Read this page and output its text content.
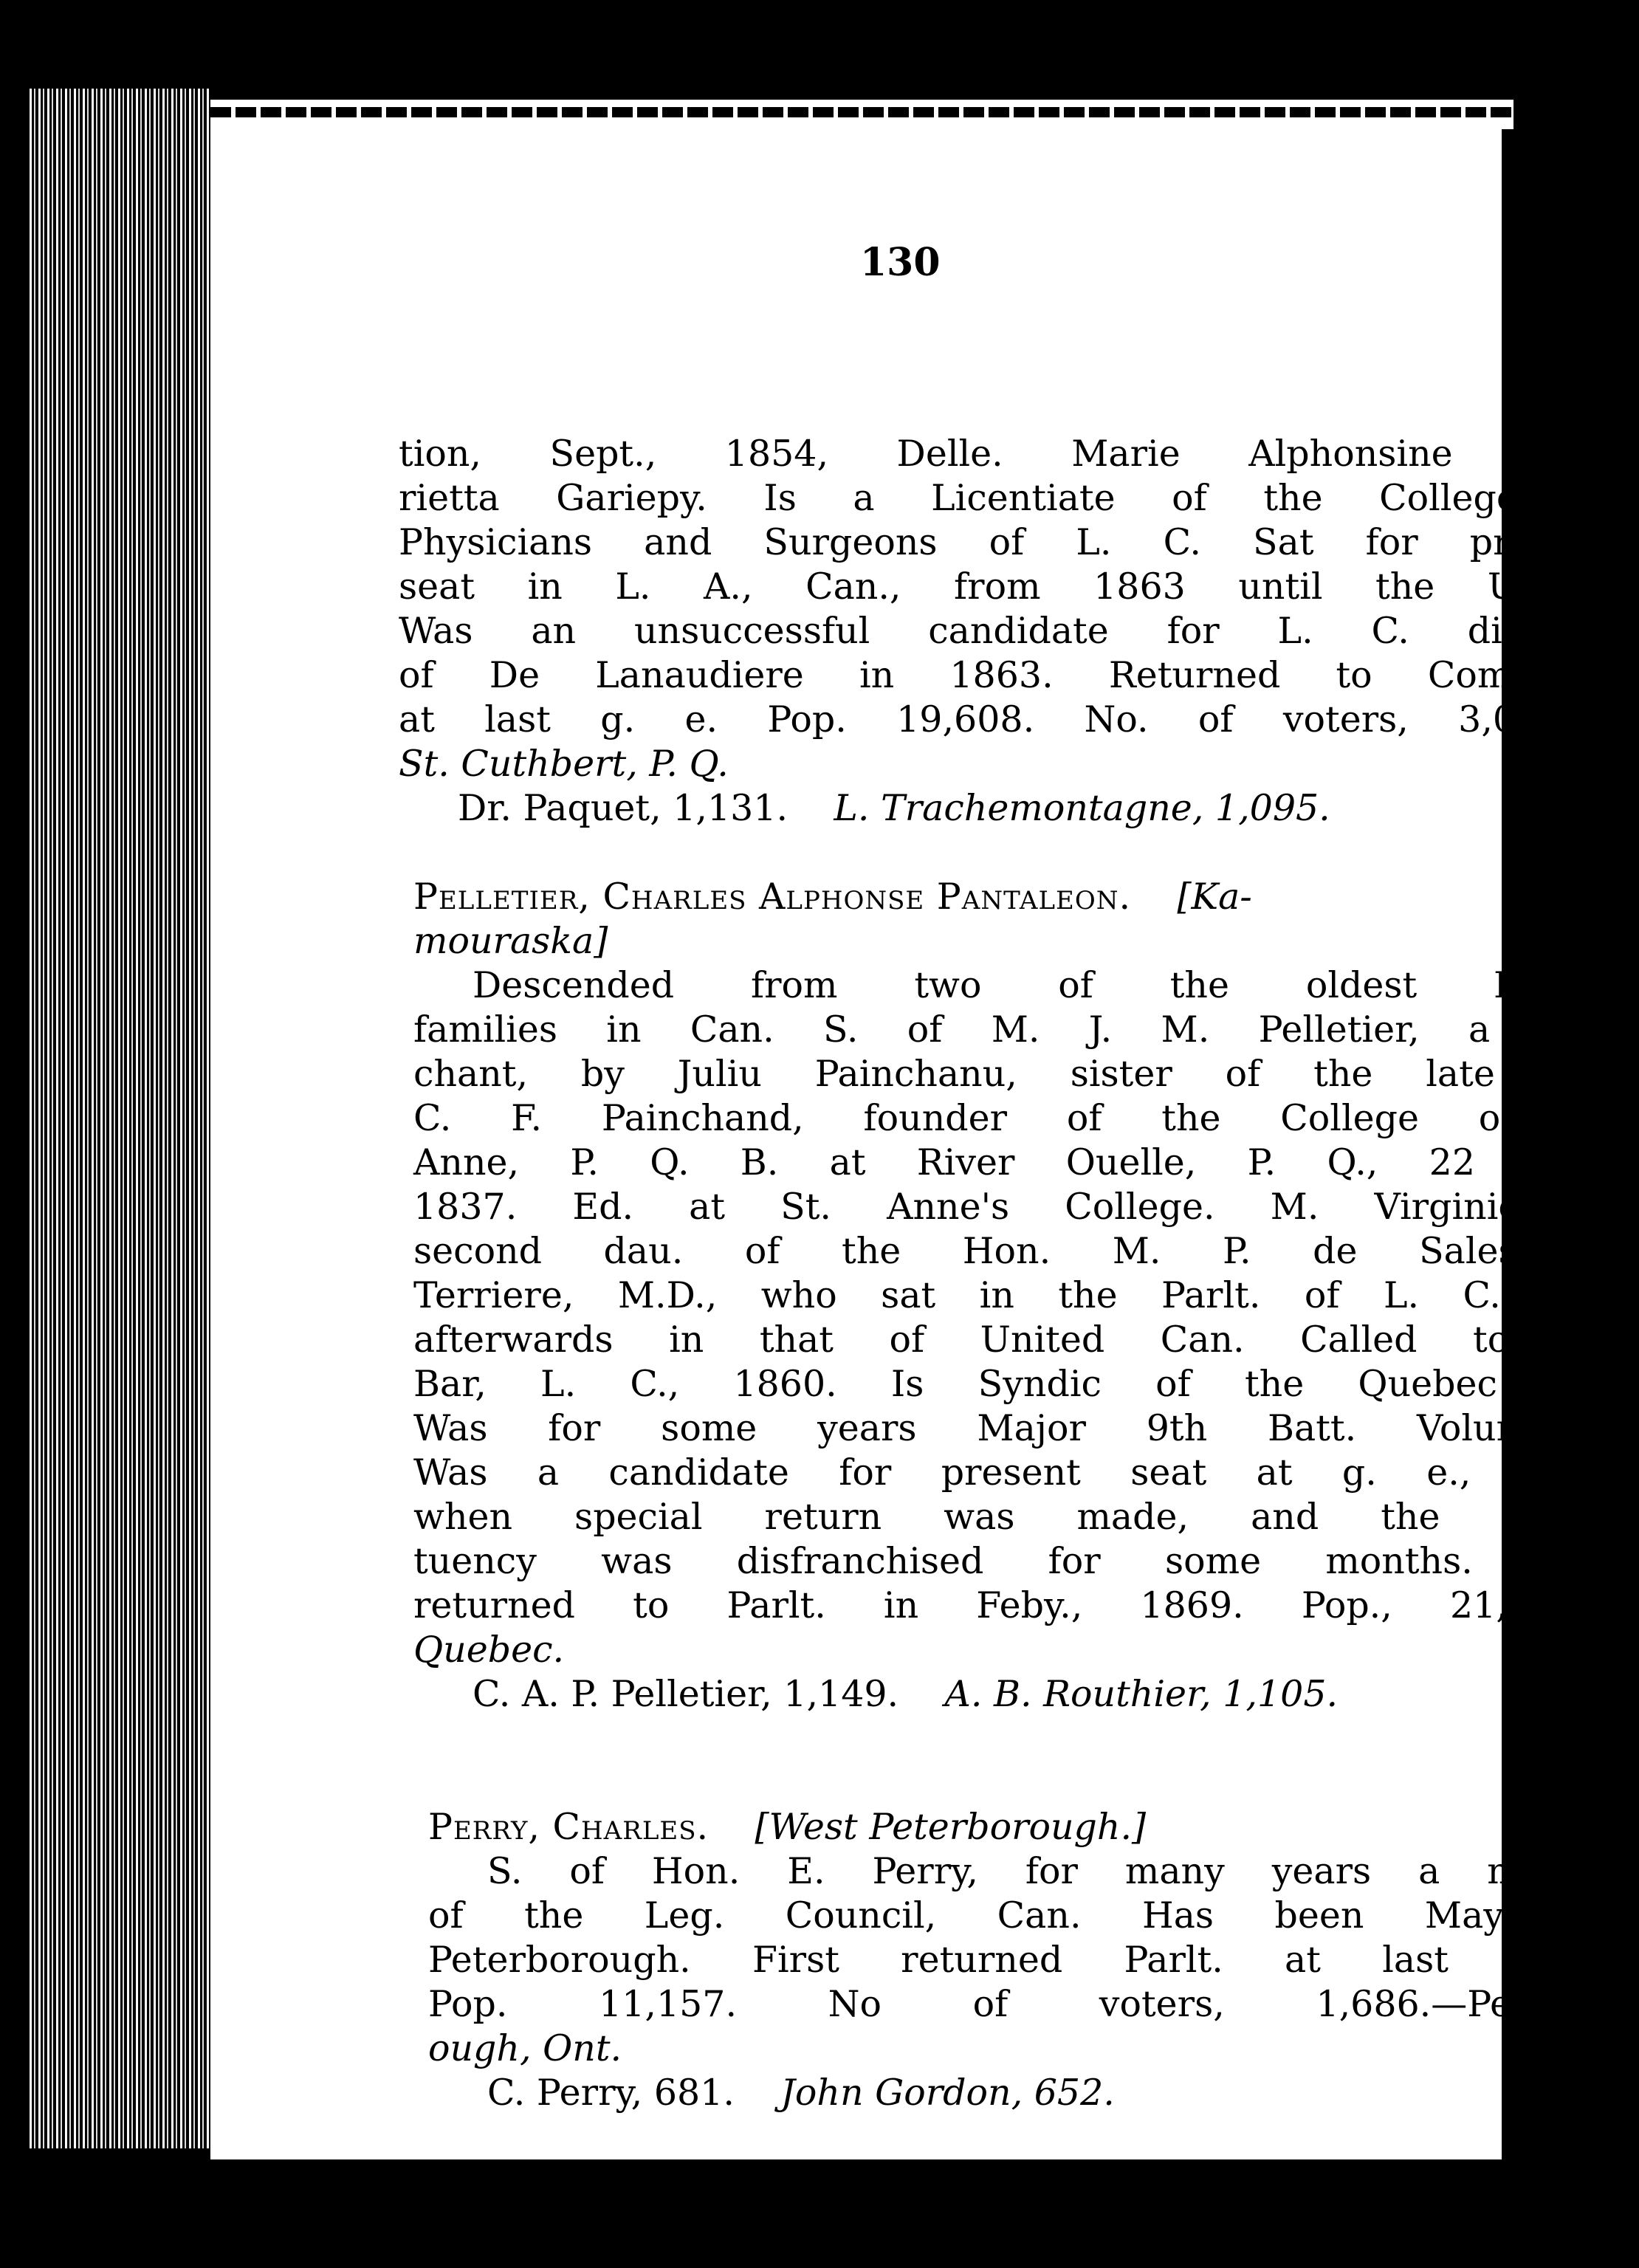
130
tion, Sept., 1854, Delle. Marie Alphonsine Hen-
rietta Gariepy. Is a Licentiate of the College of
Physicians and Surgeons of L. C. Sat for present
seat in L. A., Can., from 1863 until the Union.
Was an unsuccessful candidate for L. C. division
of De Lanaudiere in 1863. Returned to Commons
at last g. e. Pop. 19,608. No. of voters, 3,040.—
St. Cuthbert, P. Q.
Dr. Paquet, 1,131. L. Trachemontagne, 1,095.
Pelletier, Charles Alphonse Pantaleon. [Ka-
mouraska]	L.
Descended from two of the oldest French
families in Can. S. of M. J. M. Pelletier, a mer-
chant, by Juliu Painchanu, sister of the late Rev.
C. F. Painchand, founder of the College of St.
Anne, P. Q. B. at River Ouelle, P. Q., 22 Jany.,
1837. Ed. at St. Anne's College. M. Virginie A.,
second dau. of the Hon. M. P. de Sales La
Terriere, M.D., who sat in the Parlt. of L. C., and
afterwards in that of United Can. Called to the
Bar, L. C., 1860. Is Syndic of the Quebec Bar.
Was for some years Major 9th Batt. Volunteers.
Was a candidate for present seat at g. e., 1867,
when special return was made, and the consti-
tuency was disfranchised for some months. First
returned to Parlt. in Feby., 1869. Pop., 21,058.—
Quebec.
C. A. P. Pelletier, 1,149. A. B. Routhier, 1,105.
Perry, Charles. [West Peterborough.]	C.
S. of Hon. E. Perry, for many years a member
of the Leg. Council, Can. Has been Mayor of
Peterborough. First returned Parlt. at last g. e.
Pop. 11,157. No of voters, 1,686.—Peterbor-
ough, Ont.
C. Perry, 681. John Gordon, 652.
